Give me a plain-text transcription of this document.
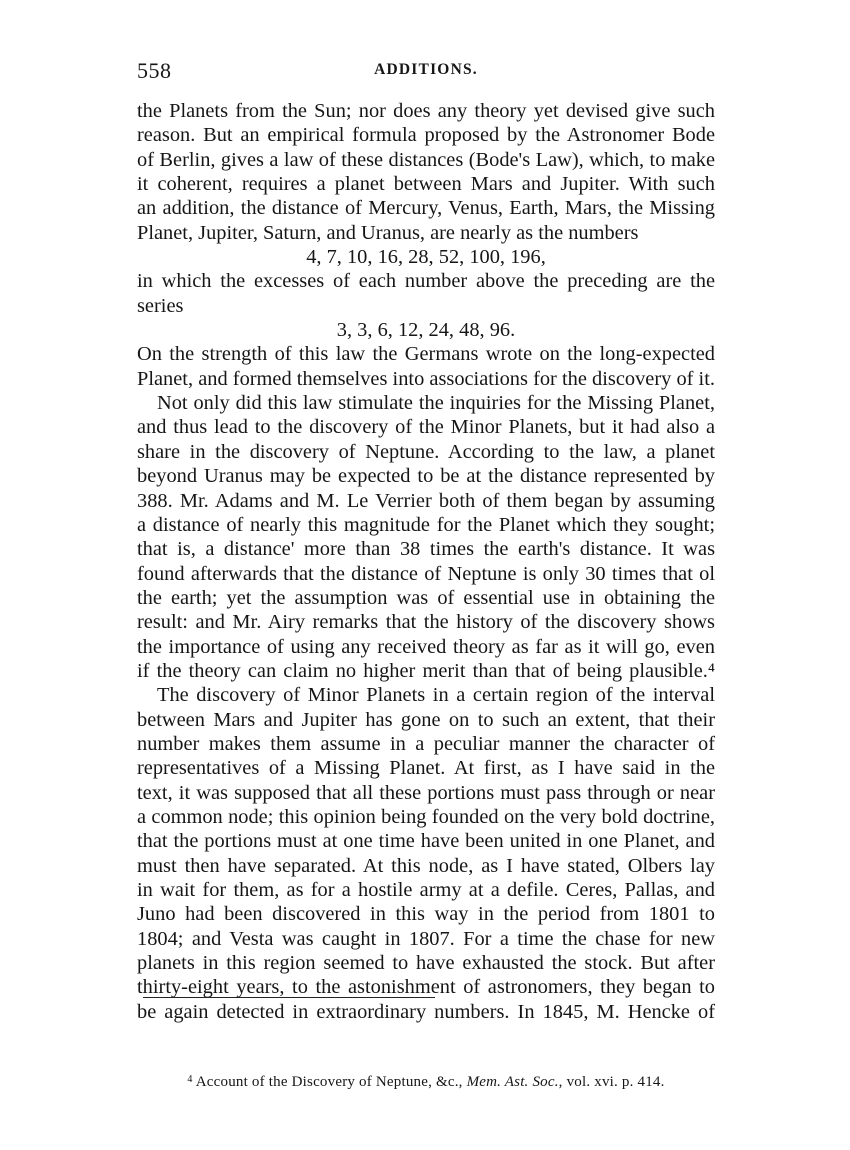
558	ADDITIONS.
the Planets from the Sun; nor does any theory yet devised give such
reason. But an empirical formula proposed by the Astronomer Bode
of Berlin, gives a law of these distances (Bode's Law), which, to make
it coherent, requires a planet between Mars and Jupiter. With such
an addition, the distance of Mercury, Venus, Earth, Mars, the Missing
Planet, Jupiter, Saturn, and Uranus, are nearly as the numbers
4, 7, 10, 16, 28, 52, 100, 196,
in which the excesses of each number above the preceding are the
series
3, 3, 6, 12, 24, 48, 96.
On the strength of this law the Germans wrote on the long-expected
Planet, and formed themselves into associations for the discovery of it.
Not only did this law stimulate the inquiries for the Missing Planet,
and thus lead to the discovery of the Minor Planets, but it had also a
share in the discovery of Neptune. According to the law, a planet
beyond Uranus may be expected to be at the distance represented by
388. Mr. Adams and M. Le Verrier both of them began by assuming
a distance of nearly this magnitude for the Planet which they sought;
that is, a distance' more than 38 times the earth's distance. It was
found afterwards that the distance of Neptune is only 30 times that ol
the earth; yet the assumption was of essential use in obtaining the
result: and Mr. Airy remarks that the history of the discovery shows
the importance of using any received theory as far as it will go, even
if the theory can claim no higher merit than that of being plausible.⁴
The discovery of Minor Planets in a certain region of the interval
between Mars and Jupiter has gone on to such an extent, that their
number makes them assume in a peculiar manner the character of
representatives of a Missing Planet. At first, as I have said in the
text, it was supposed that all these portions must pass through or near
a common node; this opinion being founded on the very bold doctrine,
that the portions must at one time have been united in one Planet, and
must then have separated. At this node, as I have stated, Olbers lay
in wait for them, as for a hostile army at a defile. Ceres, Pallas, and
Juno had been discovered in this way in the period from 1801 to
1804; and Vesta was caught in 1807. For a time the chase for new
planets in this region seemed to have exhausted the stock. But after
thirty-eight years, to the astonishment of astronomers, they began to
be again detected in extraordinary numbers. In 1845, M. Hencke of
$^4$ Account of the Discovery of Neptune, &c., Mem. Ast. Soc., vol. xvi. p. 414.
